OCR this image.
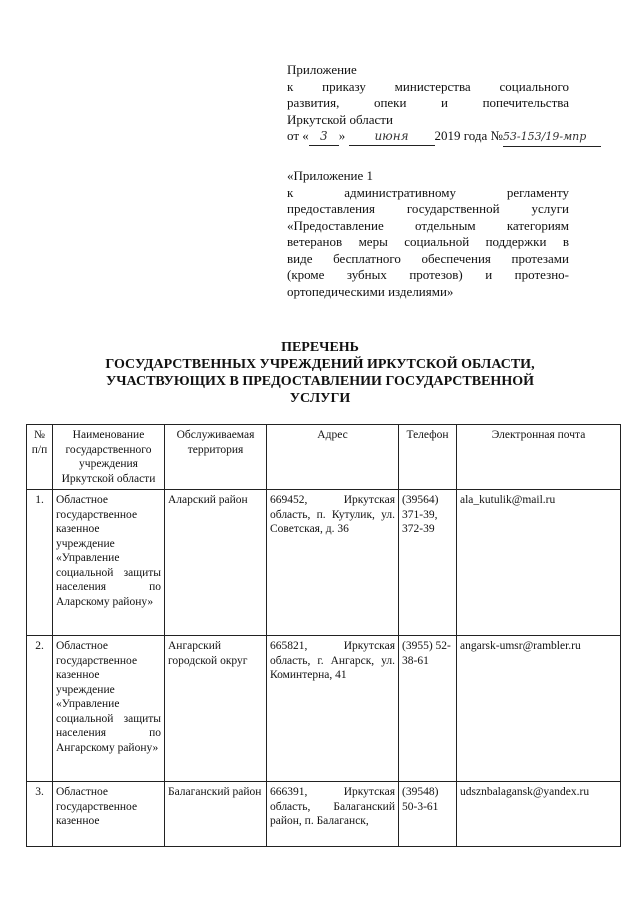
Приложение
к приказу министерства социального
развития, опеки и попечительства
Иркутской области
от « 3 » июня 2019 года №53-153/19-мпр
«Приложение 1
к административному регламенту
предоставления государственной услуги
«Предоставление отдельным категориям
ветеранов меры социальной поддержки в
виде бесплатного обеспечения протезами
(кроме зубных протезов) и протезно-
ортопедическими изделиями»
ПЕРЕЧЕНЬ
ГОСУДАРСТВЕННЫХ УЧРЕЖДЕНИЙ ИРКУТСКОЙ ОБЛАСТИ,
УЧАСТВУЮЩИХ В ПРЕДОСТАВЛЕНИИ ГОСУДАРСТВЕННОЙ
УСЛУГИ
№ п/п	Наименование государственного учреждения Иркутской области	Обслуживаемая территория	Адрес	Телефон	Электронная почта
1.	Областное государственное казенное учреждение «Управление социальной защиты населения по Аларскому району»	Аларский район	669452, Иркутская область, п. Кутулик, ул. Советская, д. 36	(39564) 371-39, 372-39	ala_kutulik@mail.ru
2.	Областное государственное казенное учреждение «Управление социальной защиты населения по Ангарскому району»	Ангарский городской округ	665821, Иркутская область, г. Ангарск, ул. Коминтерна, 41	(3955) 52-38-61	angarsk-umsr@rambler.ru

3.	Областное государственное казенное	Балаганский район	666391, Иркутская область, Балаганский район, п. Балаганск,	(39548) 50-3-61	udsznbalagansk@yandex.ru
